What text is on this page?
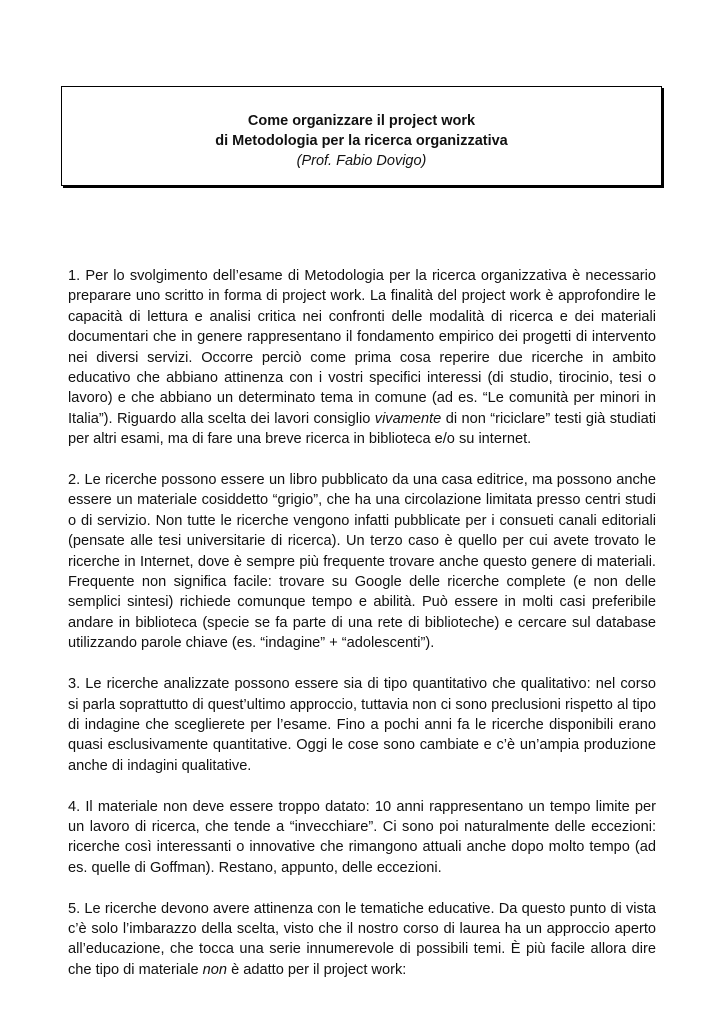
Come organizzare il project work
di Metodologia per la ricerca organizzativa
(Prof. Fabio Dovigo)

1. Per lo svolgimento dell’esame di Metodologia per la ricerca organizzativa è necessario preparare uno scritto in forma di project work. La finalità del project work è approfondire le capacità di lettura e analisi critica nei confronti delle modalità di ricerca e dei materiali documentari che in genere rappresentano il fondamento empirico dei progetti di intervento nei diversi servizi. Occorre perciò come prima cosa reperire due ricerche in ambito educativo che abbiano attinenza con i vostri specifici interessi (di studio, tirocinio, tesi o lavoro) e che abbiano un determinato tema in comune (ad es. “Le comunità per minori in Italia”). Riguardo alla scelta dei lavori consiglio vivamente di non “riciclare” testi già studiati per altri esami, ma di fare una breve ricerca in biblioteca e/o su internet.

2. Le ricerche possono essere un libro pubblicato da una casa editrice, ma possono anche essere un materiale cosiddetto “grigio”, che ha una circolazione limitata presso centri studi o di servizio. Non tutte le ricerche vengono infatti pubblicate per i consueti canali editoriali (pensate alle tesi universitarie di ricerca). Un terzo caso è quello per cui avete trovato le ricerche in Internet, dove è sempre più frequente trovare anche questo genere di materiali. Frequente non significa facile: trovare su Google delle ricerche complete (e non delle semplici sintesi) richiede comunque tempo e abilità. Può essere in molti casi preferibile andare in biblioteca (specie se fa parte di una rete di biblioteche) e cercare sul database utilizzando parole chiave (es. “indagine” + “adolescenti”).

3. Le ricerche analizzate possono essere sia di tipo quantitativo che qualitativo: nel corso si parla soprattutto di quest’ultimo approccio, tuttavia non ci sono preclusioni rispetto al tipo di indagine che sceglierete per l’esame. Fino a pochi anni fa le ricerche disponibili erano quasi esclusivamente quantitative. Oggi le cose sono cambiate e c’è un’ampia produzione anche di indagini qualitative.

4. Il materiale non deve essere troppo datato: 10 anni rappresentano un tempo limite per un lavoro di ricerca, che tende a “invecchiare”. Ci sono poi naturalmente delle eccezioni: ricerche così interessanti o innovative che rimangono attuali anche dopo molto tempo (ad es. quelle di Goffman). Restano, appunto, delle eccezioni.

5. Le ricerche devono avere attinenza con le tematiche educative. Da questo punto di vista c’è solo l’imbarazzo della scelta, visto che il nostro corso di laurea ha un approccio aperto all’educazione, che tocca una serie innumerevole di possibili temi. È più facile allora dire che tipo di materiale non è adatto per il project work:
